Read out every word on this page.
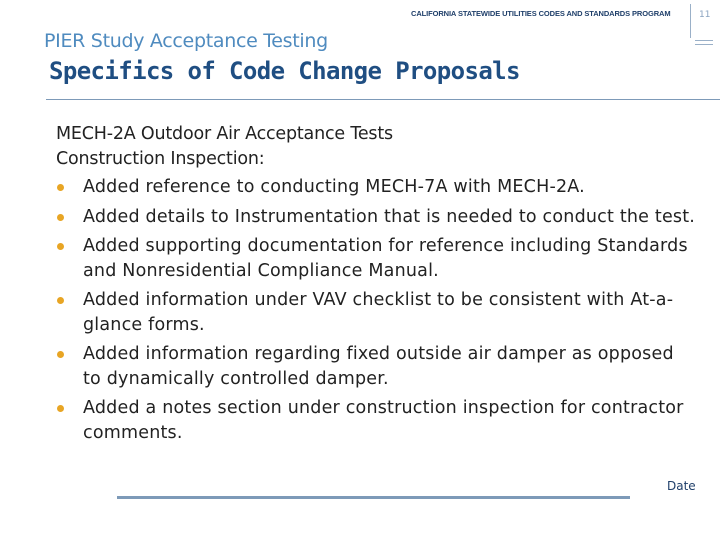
CALIFORNIA STATEWIDE UTILITIES CODES AND STANDARDS PROGRAM	11
PIER Study Acceptance Testing
Specifics of Code Change Proposals
MECH-2A Outdoor Air Acceptance Tests
Construction Inspection:
Added reference to conducting MECH-7A with MECH-2A.
Added details to Instrumentation that is needed to conduct the test.
Added supporting documentation for reference including Standards and Nonresidential Compliance Manual.
Added information under VAV checklist to be consistent with At-a-glance forms.
Added information regarding fixed outside air damper as opposed to dynamically controlled damper.
Added a notes section under construction inspection for contractor comments.
Date
